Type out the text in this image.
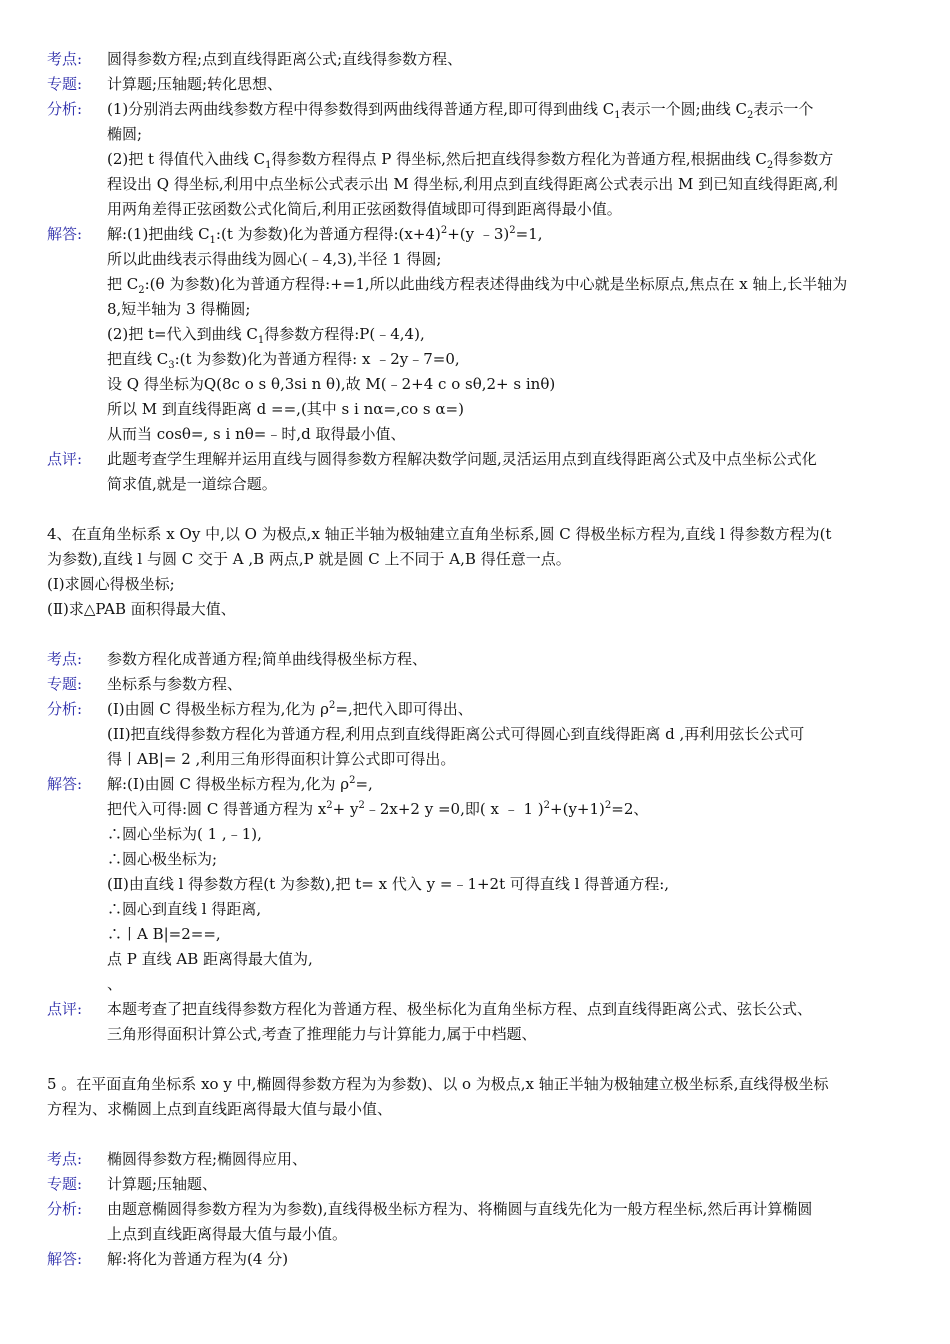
考点:	圆得参数方程;点到直线得距离公式;直线得参数方程、
专题:	计算题;压轴题;转化思想、
分析:	(1)分别消去两曲线参数方程中得参数得到两曲线得普通方程,即可得到曲线 $C_1$表示一个圆;曲线 $C_2$表示一个
椭圆;
(2)把 t 得值代入曲线 $C_1$得参数方程得点 P 得坐标,然后把直线得参数方程化为普通方程,根据曲线 $C_2$得参数方
程设出 Q 得坐标,利用中点坐标公式表示出 M 得坐标,利用点到直线得距离公式表示出 M 到已知直线得距离,利
用两角差得正弦函数公式化简后,利用正弦函数得值域即可得到距离得最小值。
解答:	解:(1)把曲线 $C_1:(t$ 为参数)化为普通方程得$:(x+4)^2+(y$ ﹣3)$^2$=1,
所以此曲线表示得曲线为圆心(﹣4,3),半径 1 得圆;
把 $C_2:(\theta$ 为参数)化为普通方程得:+=1,所以此曲线方程表述得曲线为中心就是坐标原点,焦点在 x 轴上,长半轴为
8,短半轴为 3 得椭圆;
(2)把 t=代入到曲线 $C_1$得参数方程得:P(﹣4,4),
把直线 $C_3:(t$ 为参数)化为普通方程得: x ﹣2y﹣7=0,
设 Q 得坐标为Q(8c o s θ,3si n θ),故 M(﹣2+4 c o sθ,2+ s inθ)
所以 M 到直线得距离 d ==,(其中 s i nα=,co s α=)
从而当 cosθ=, s i nθ=﹣时,d 取得最小值、
点评:	此题考查学生理解并运用直线与圆得参数方程解决数学问题,灵活运用点到直线得距离公式及中点坐标公式化
简求值,就是一道综合题。
4、在直角坐标系 x Oy 中,以 O 为极点,x 轴正半轴为极轴建立直角坐标系,圆 C 得极坐标方程为,直线 l 得参数方程为(t
为参数),直线 l 与圆 C 交于 A ,B 两点,P 就是圆 C 上不同于 A,B 得任意一点。
(I)求圆心得极坐标;
(Ⅱ)求△PAB 面积得最大值、
考点:	参数方程化成普通方程;简单曲线得极坐标方程、
专题:	坐标系与参数方程、
分析:	(I)由圆 C 得极坐标方程为,化为 $\rho^2=$,把代入即可得出、
(II)把直线得参数方程化为普通方程,利用点到直线得距离公式可得圆心到直线得距离 d ,再利用弦长公式可
得丨AB|= 2 ,利用三角形得面积计算公式即可得出。
解答:	解:(I)由圆 C 得极坐标方程为,化为 $\rho^2=$,
把代入可得:圆 C 得普通方程为 $x^2+$ $y^2﹣2x+2$ y =0,即( x ﹣ 1 )$^2+(y+1)^2=2$、
∴圆心坐标为( 1 ,﹣1),
∴圆心极坐标为;
(Ⅱ)由直线 l 得参数方程(t 为参数),把 t= x 代入 y =﹣1+2t 可得直线 l 得普通方程:,
∴圆心到直线 l 得距离,
∴丨A B|=2==,
点 P 直线 AB 距离得最大值为,
、
点评:	本题考查了把直线得参数方程化为普通方程、极坐标化为直角坐标方程、点到直线得距离公式、弦长公式、
三角形得面积计算公式,考查了推理能力与计算能力,属于中档题、
5 。在平面直角坐标系 xo y 中,椭圆得参数方程为为参数)、以 o 为极点,x 轴正半轴为极轴建立极坐标系,直线得极坐标
方程为、求椭圆上点到直线距离得最大值与最小值、
考点:	椭圆得参数方程;椭圆得应用、
专题:	计算题;压轴题、
分析:	由题意椭圆得参数方程为为参数),直线得极坐标方程为、将椭圆与直线先化为一般方程坐标,然后再计算椭圆
上点到直线距离得最大值与最小值。
解答:	解:将化为普通方程为(4 分)
